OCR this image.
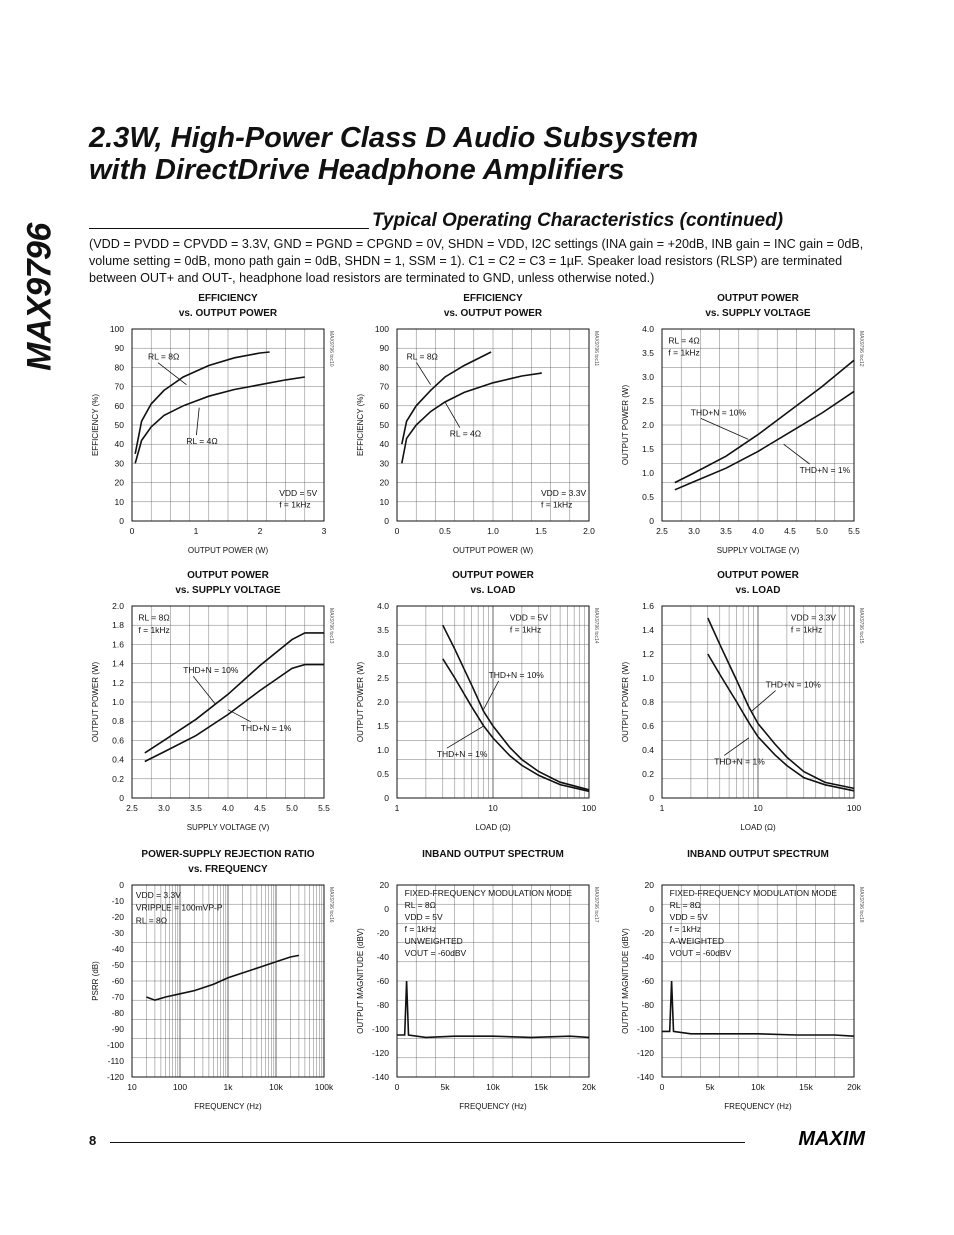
MAX9796
2.3W, High-Power Class D Audio Subsystem
with DirectDrive Headphone Amplifiers
Typical Operating Characteristics (continued)

(VDD = PVDD = CPVDD = 3.3V, GND = PGND = CPGND = 0V, SHDN = VDD, I2C settings (INA gain = +20dB, INB gain = INC gain = 0dB, volume setting = 0dB, mono path gain = 0dB, SHDN = 1, SSM = 1). C1 = C2 = C3 = 1µF. Speaker load resistors (RLSP) are terminated between OUT+ and OUT-, headphone load resistors are terminated to GND, unless otherwise noted.)

EFFICIENCY
vs. OUTPUT POWER
0	1	2	3
0
10
20
30
40
50
60
70
80
90
100
OUTPUT POWER (W)
EFFICIENCY (%)
MAX9796 toc10
RL = 8Ω
RL = 4Ω
VDD = 5V
f = 1kHz
EFFICIENCY
vs. OUTPUT POWER
0	0.5	1.0	1.5	2.0
0
10
20
30
40
50
60
70
80
90
100
OUTPUT POWER (W)
EFFICIENCY (%)
MAX9796 toc11
RL = 8Ω
RL = 4Ω
VDD = 3.3V
f = 1kHz
OUTPUT POWER
vs. SUPPLY VOLTAGE
2.5 3.0 3.5 4.0 4.5 5.0 5.5
0
0.5
1.0
1.5
2.0
2.5
3.0
3.5
4.0
SUPPLY VOLTAGE (V)
OUTPUT POWER (W)
MAX9796 toc12
RL = 4Ω
f = 1kHz
THD+N = 10%
THD+N = 1%
OUTPUT POWER
vs. SUPPLY VOLTAGE
2.5 3.0 3.5 4.0 4.5 5.0 5.5
0
0.2
0.4
0.6
0.8
1.0
1.2
1.4
1.6
1.8
2.0
SUPPLY VOLTAGE (V)
OUTPUT POWER (W)
MAX9796 toc13
RL = 8Ω
f = 1kHz
THD+N = 10%
THD+N = 1%
OUTPUT POWER
vs. LOAD
1	10	100
0
0.5
1.0
1.5
2.0
2.5
3.0
3.5
4.0
LOAD (Ω)
OUTPUT POWER (W)
MAX9796 toc14
VDD = 5V
f = 1kHz
THD+N = 10%
THD+N = 1%
OUTPUT POWER
vs. LOAD
1	10	100
0
0.2
0.4
0.6
0.8
1.0
1.2
1.4
1.6
LOAD (Ω)
OUTPUT POWER (W)
MAX9796 toc15
VDD = 3.3V
f = 1kHz
THD+N = 10%
THD+N = 1%
POWER-SUPPLY REJECTION RATIO
vs. FREQUENCY
10	100	1k	10k	100k
-120
-110
-100
-90
-80
-70
-60
-50
-40
-30
-20
-10
0
FREQUENCY (Hz)
PSRR (dB)
MAX9796 toc16
VDD = 3.3V
VRIPPLE = 100mVP-P
RL = 8Ω
INBAND OUTPUT SPECTRUM
0	5k	10k	15k	20k
-140
-120
-100
-80
-60
-40
-20
0
20
FREQUENCY (Hz)
OUTPUT MAGNITUDE (dBV)
MAX9796 toc17
FIXED-FREQUENCY MODULATION MODE
RL = 8Ω
VDD = 5V
f = 1kHz
UNWEIGHTED
VOUT = -60dBV
INBAND OUTPUT SPECTRUM
0	5k	10k	15k	20k
-140
-120
-100
-80
-60
-40
-20
0
20
FREQUENCY (Hz)
OUTPUT MAGNITUDE (dBV)
MAX9796 toc18
FIXED-FREQUENCY MODULATION MODE
RL = 8Ω
VDD = 5V
f = 1kHz
A-WEIGHTED
VOUT = -60dBV
8	MAXIM
